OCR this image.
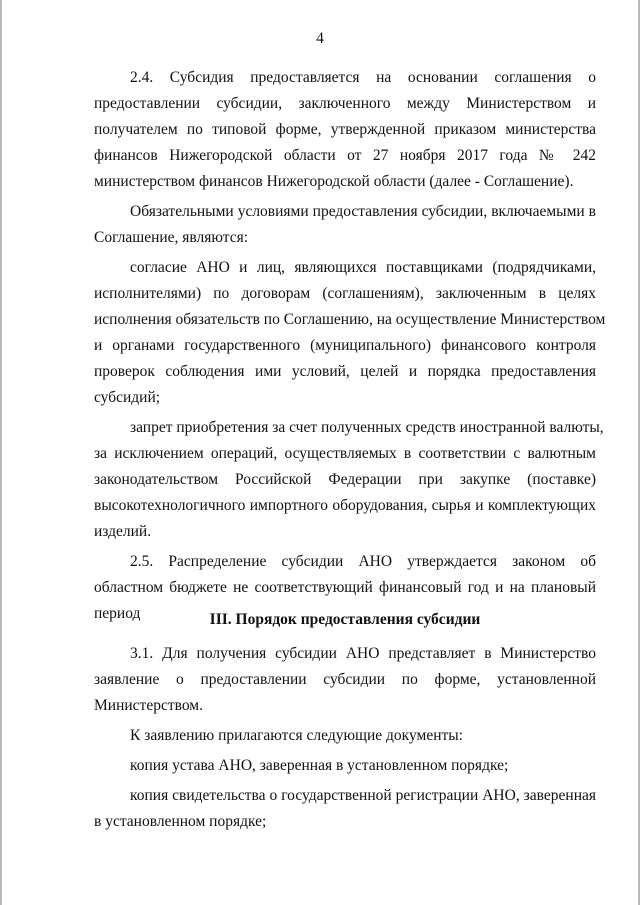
4
2.4. Субсидия предоставляется на основании соглашения о
предоставлении субсидии, заключенного между Министерством и
получателем по типовой форме, утвержденной приказом министерства
финансов Нижегородской области от 27 ноября 2017 года № 242
министерством финансов Нижегородской области (далее - Соглашение).
Обязательными условиями предоставления субсидии, включаемыми в
Соглашение, являются:
согласие АНО и лиц, являющихся поставщиками (подрядчиками,
исполнителями) по договорам (соглашениям), заключенным в целях
исполнения обязательств по Соглашению, на осуществление Министерством
и органами государственного (муниципального) финансового контроля
проверок соблюдения ими условий, целей и порядка предоставления
субсидий;
запрет приобретения за счет полученных средств иностранной валюты,
за исключением операций, осуществляемых в соответствии с валютным
законодательством Российской Федерации при закупке (поставке)
высокотехнологичного импортного оборудования, сырья и комплектующих
изделий.
2.5. Распределение субсидии АНО утверждается законом об
областном бюджете не соответствующий финансовый год и на плановый
период	III. Порядок предоставления субсидии
3.1. Для получения субсидии АНО представляет в Министерство
заявление о предоставлении субсидии по форме, установленной
Министерством.
К заявлению прилагаются следующие документы:
копия устава АНО, заверенная в установленном порядке;
копия свидетельства о государственной регистрации АНО, заверенная
в установленном порядке;
